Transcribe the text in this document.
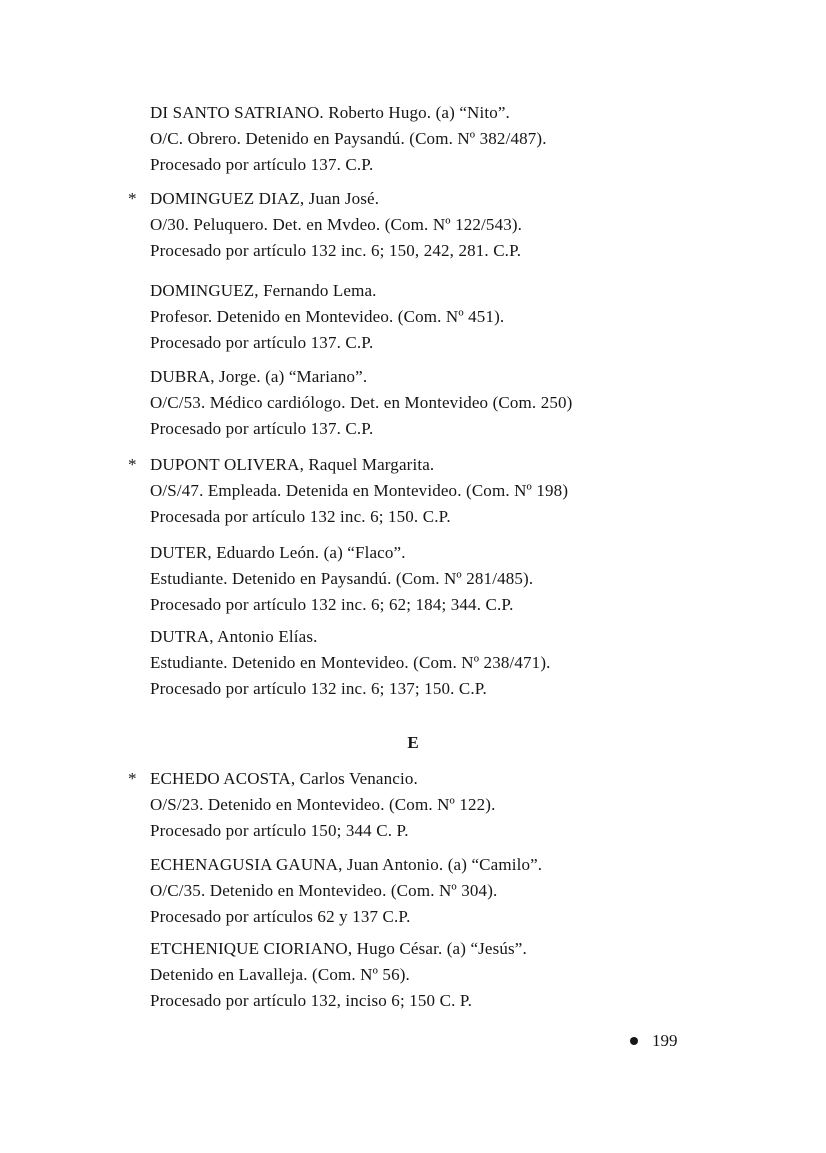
DI SANTO SATRIANO. Roberto Hugo. (a) “Nito”.
O/C. Obrero. Detenido en Paysandú. (Com. Nº 382/487).
Procesado por artículo 137. C.P.
* DOMINGUEZ DIAZ, Juan José.
O/30. Peluquero. Det. en Mvdeo. (Com. Nº 122/543).
Procesado por artículo 132 inc. 6; 150, 242, 281. C.P.
DOMINGUEZ, Fernando Lema.
Profesor. Detenido en Montevideo. (Com. Nº 451).
Procesado por artículo 137. C.P.
DUBRA, Jorge. (a) “Mariano”.
O/C/53. Médico cardiólogo. Det. en Montevideo (Com. 250)
Procesado por artículo 137. C.P.
* DUPONT OLIVERA, Raquel Margarita.
O/S/47. Empleada. Detenida en Montevideo. (Com. Nº 198)
Procesada por artículo 132 inc. 6; 150. C.P.
DUTER, Eduardo León. (a) “Flaco”.
Estudiante. Detenido en Paysandú. (Com. Nº 281/485).
Procesado por artículo 132 inc. 6; 62; 184; 344. C.P.
DUTRA, Antonio Elías.
Estudiante. Detenido en Montevideo. (Com. Nº 238/471).
Procesado por artículo 132 inc. 6; 137; 150. C.P.
E
* ECHEDO ACOSTA, Carlos Venancio.
O/S/23. Detenido en Montevideo. (Com. Nº 122).
Procesado por artículo 150; 344 C. P.
ECHENAGUSIA GAUNA, Juan Antonio. (a) “Camilo”.
O/C/35. Detenido en Montevideo. (Com. Nº 304).
Procesado por artículos 62 y 137 C.P.
ETCHENIQUE CIORIANO, Hugo César. (a) “Jesús”.
Detenido en Lavalleja. (Com. Nº 56).
Procesado por artículo 132, inciso 6; 150 C. P.
199
